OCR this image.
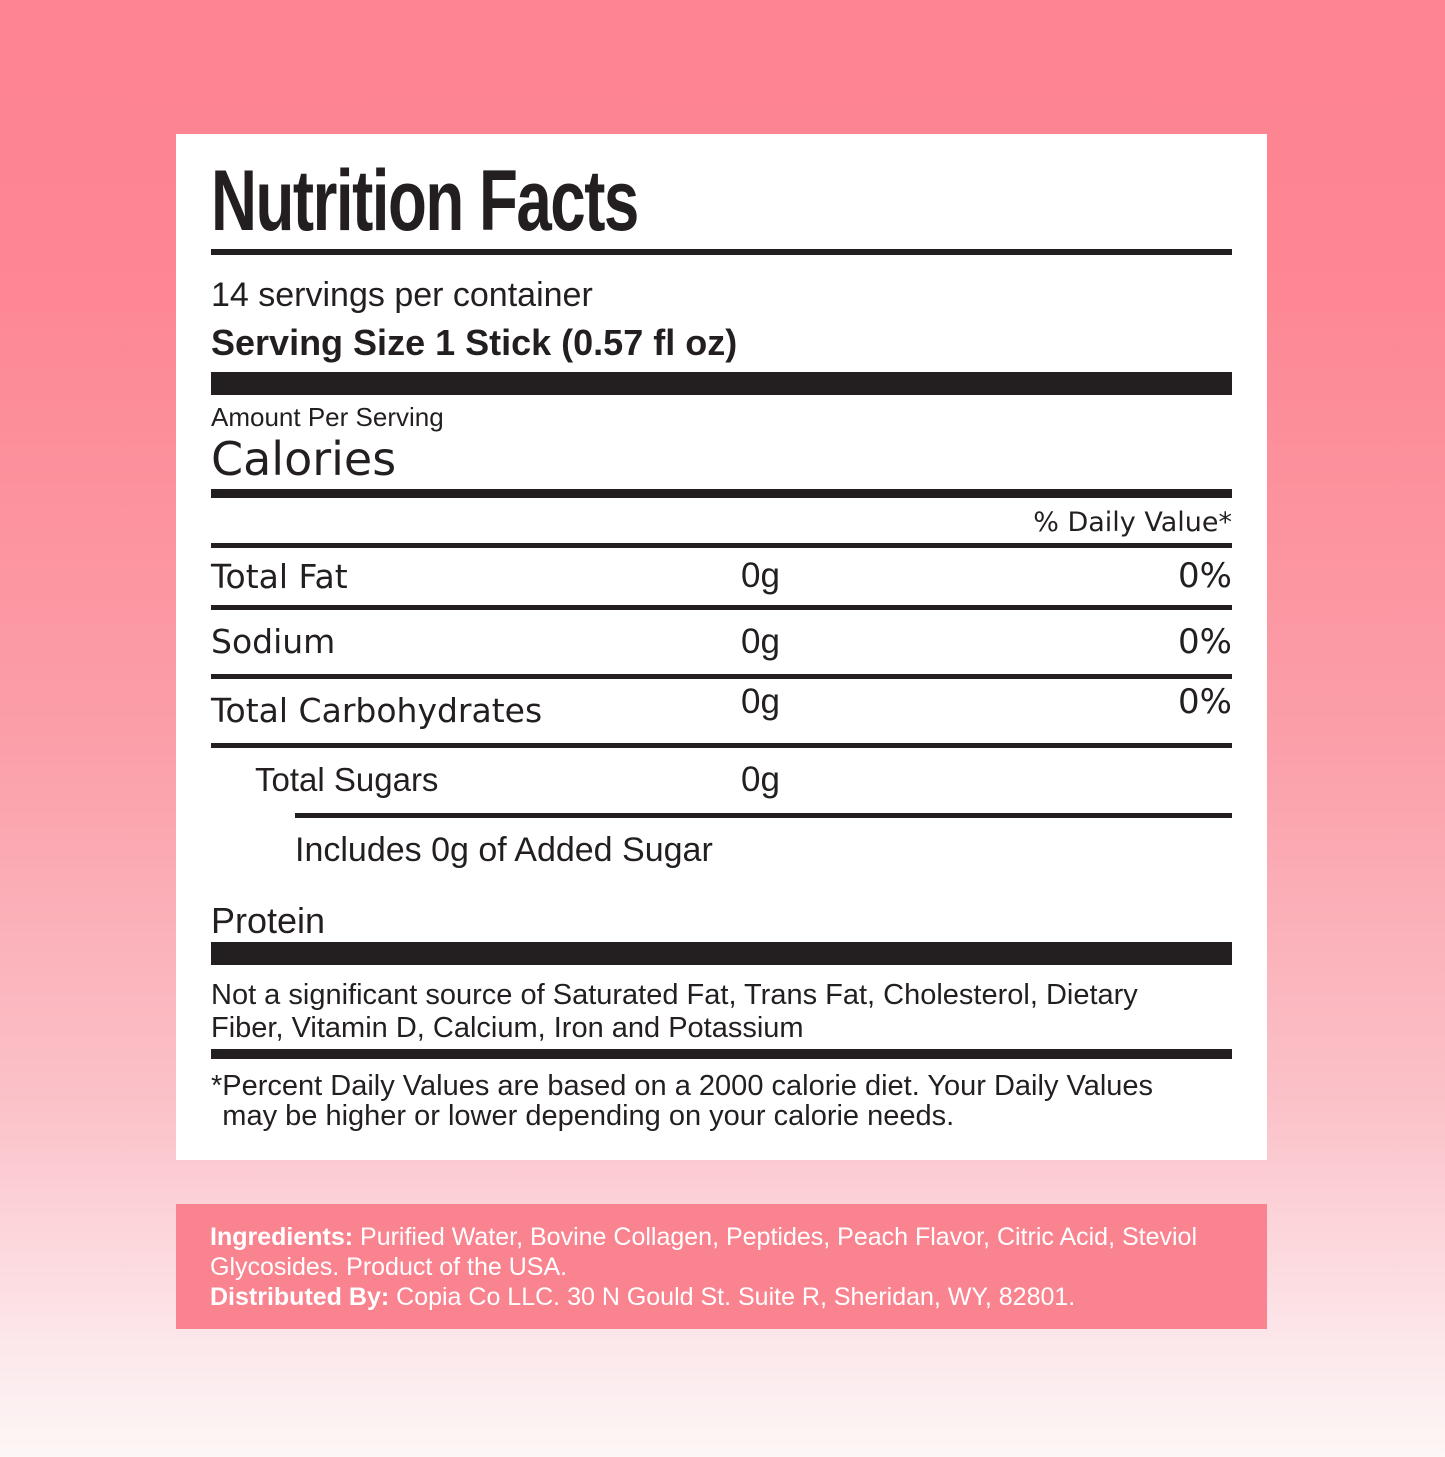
Nutrition Facts
14 servings per container
Serving Size 1 Stick (0.57 fl oz)
Amount Per Serving
Calories
% Daily Value*
Total Fat	0g	0%
Sodium	0g	0%
Total Carbohydrates	0g	0%
Total Sugars	0g
Includes 0g of Added Sugar
Protein
Not a significant source of Saturated Fat, Trans Fat, Cholesterol, Dietary Fiber, Vitamin D, Calcium, Iron and Potassium
* Percent Daily Values are based on a 2000 calorie diet. Your Daily Values may be higher or lower depending on your calorie needs.
Ingredients: Purified Water, Bovine Collagen, Peptides, Peach Flavor, Citric Acid, Steviol Glycosides. Product of the USA.
Distributed By: Copia Co LLC. 30 N Gould St. Suite R, Sheridan, WY, 82801.
